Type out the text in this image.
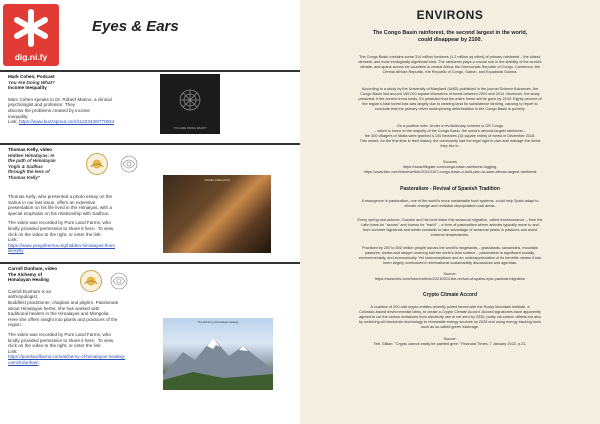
dig.ni.fy
Eyes & Ears
Mark Cohen, Podcast
You Are Doing What?
Income Inequality
Marc Cohen speaks to Dr. Robert Marino, a clinical
psychologist and professor. They
discuss the problems created by income
inequality.
Link: https://www.buzzsprout.com/1122343/8770634
YOU ARE DOING WHAT?
Thomas Kelly, video
Hidden Himalayas: In
the path of Himalayan
Yogis & Sadhus
through the lens of
Thomas Kelly"
Thomas Kelly, who presented a photo essay on the
Sahus in our last issue, offers an extensive
presentation on his life lived in the Himalyas, with a
special emphasis on his relationship with Sadhus.
The video was recorded by Pure Land Farms, who
kindly provided permission to share it here.. To view,
click on the video to the right, or enter the link:
Link:
https://www.yangsherma.org/hidden-himalayas-thom
as-kelly
HIDDEN HIMALAYAS
Carroll Dunham, video
The Alchemy of
Himalayan Healing
Carroll Dunham is an
anthropologist,
Buddhist practitioner, chaplain and pilgrim. Passionate
about Himalayan herbs, she has worked with
traditional healers in the Himalayas and Mongolia.
Here she offers insight into plants and practices of the
region.
The video was recorded by Pure Land Farms, who
kindly provided permission to share it here.. To view,
click on the video to the right, or enter the link:
Link:
https://purelandfarms.com/alchemy-of-himalayan-healing-
carroll-dunham
The Alchemy of Himalayan Healing
ENVIRONS
The Congo Basin rainforest, the second largest in the world,
could disappear by 2100.
The Congo Basin contains some 314 million hectares (1.2 million sq miles) of primary rainforest – the oldest,
densest, and most ecologically significant kind. The rainforest plays a crucial role in the stability of the world's
climate, and spans across six countries in central Africa: the Democratic Republic of Congo, Cameroon, the
Central African Republic, the Republic of Congo, Gabon, and Equatorial Guinea.
According to a study by the University of Maryland (UMD) published in the journal Science Advances, the
Congo Basin lost around 165,000 square kilometres of forest between 2000 and 2014. Moreover, the study
predicted: if the current trend holds, it's predicted that the entire forest will be gone by 2100. Eighty percent of
the region's total forest loss was largely due to clearing land for subsistence farming, causing to report to
conclude that the primary driver underpinning deforestation in the Congo Basin is poverty.
On a positive note: Under a revolutionary scheme in DR Congo
– which is home to the majority of the Congo Basin, the world's second-largest rainforest –
the 300 villagers of Nkala were granted 4,100 hectares (15 square miles) of forest in December 2018.
This meant, for the first time in their history, the community had the legal right to own and manage the forest
they live in.
Sources
https://www.lifegate.com/congo-basin-rainforest-logging,
https://www.bbc.com/future/article/20210107-congo-basin-a-bold-plan-to-save-africas-largest-rainforest
Pastoralism - Revival of Spanish Tradition
A resurgence in pastoralism, one of the world's more sustainable food systems, could help Spain adapt to
climate change and revitalise depopulated rural areas.
Every spring and autumn, Gazdón and his herd make this seasonal migration, called transhumance – from the
Latin trans for "across" and humus for "earth" – a form of pastoralism where animals typically move to and
from summer highlands and winter lowlands to take advantage of seasonal peaks in pastures and avoid
extreme temperatures.
Practiced by 200 to 500 million people across the world's rangelands – grasslands, savannahs, mountain
pastures, tundra and steppe covering half the earth's land surface – pastoralism is significant socially,
environmentally, and economically. Yet misconceptions and an underappreciation of its benefits means it has
been largely overlooked in international sustainability discussions and agendas.
Source:
https://www.bbc.com/future/article/20210923-the-revival-of-spains-epic-pastoral-migration
Crypto Climate Accord
A coalition of 200-odd crypto entities recently joined forces with the Rocky Mountain Institute, a
Colorado-based environmental lobby, to create a Crypto Climate Accord. Accord signatories have apparently
agreed to cut the carbon emissions from electricity use to net zero by 2030, partly via carbon offsets but also
by switching all blockchain technology to renewable energy sources by 2025 and using energy tracking tools
such as so-called green hashrage.
Source:
Tett, Gillian. "Crypto cannot easily be painted gree." Financial Times, 7 January 2022, p.21.
